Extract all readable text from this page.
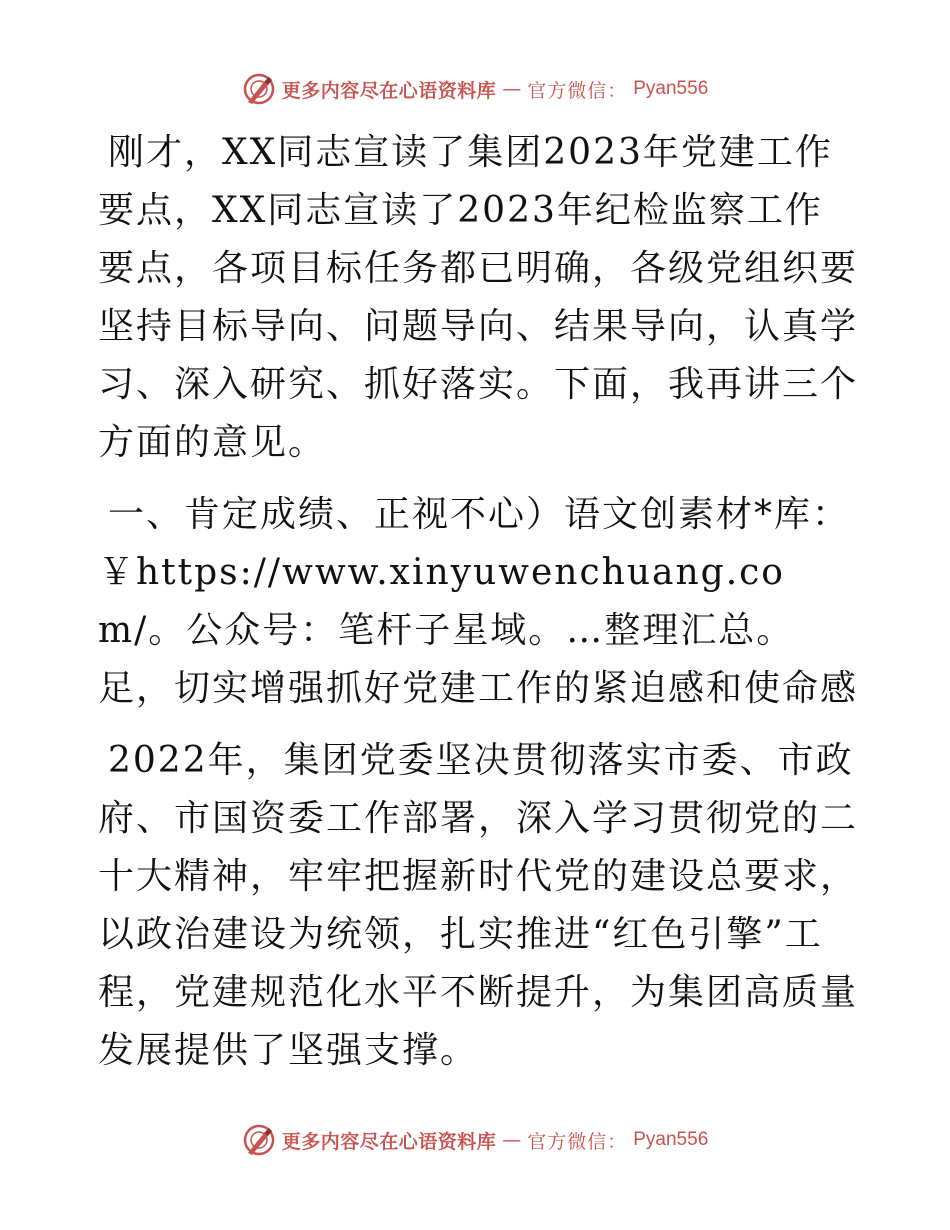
更多内容尽在心语资料库 — 官方微信： Pyan556

刚才，XX同志宣读了集团2023年党建工作要点，XX同志宣读了2023年纪检监察工作要点，各项目标任务都已明确，各级党组织要坚持目标导向、问题导向、结果导向，认真学习、深入研究、抓好落实。下面，我再讲三个方面的意见。

一、肯定成绩、正视不心）语文创素材*库：￥https://www.xinyuwenchuang.com/。公众号：笔杆子星域。…整理汇总。足，切实增强抓好党建工作的紧迫感和使命感

2022年，集团党委坚决贯彻落实市委、市政府、市国资委工作部署，深入学习贯彻党的二十大精神，牢牢把握新时代党的建设总要求，以政治建设为统领，扎实推进“红色引擎”工程，党建规范化水平不断提升，为集团高质量发展提供了坚强支撑。

更多内容尽在心语资料库 — 官方微信： Pyan556
